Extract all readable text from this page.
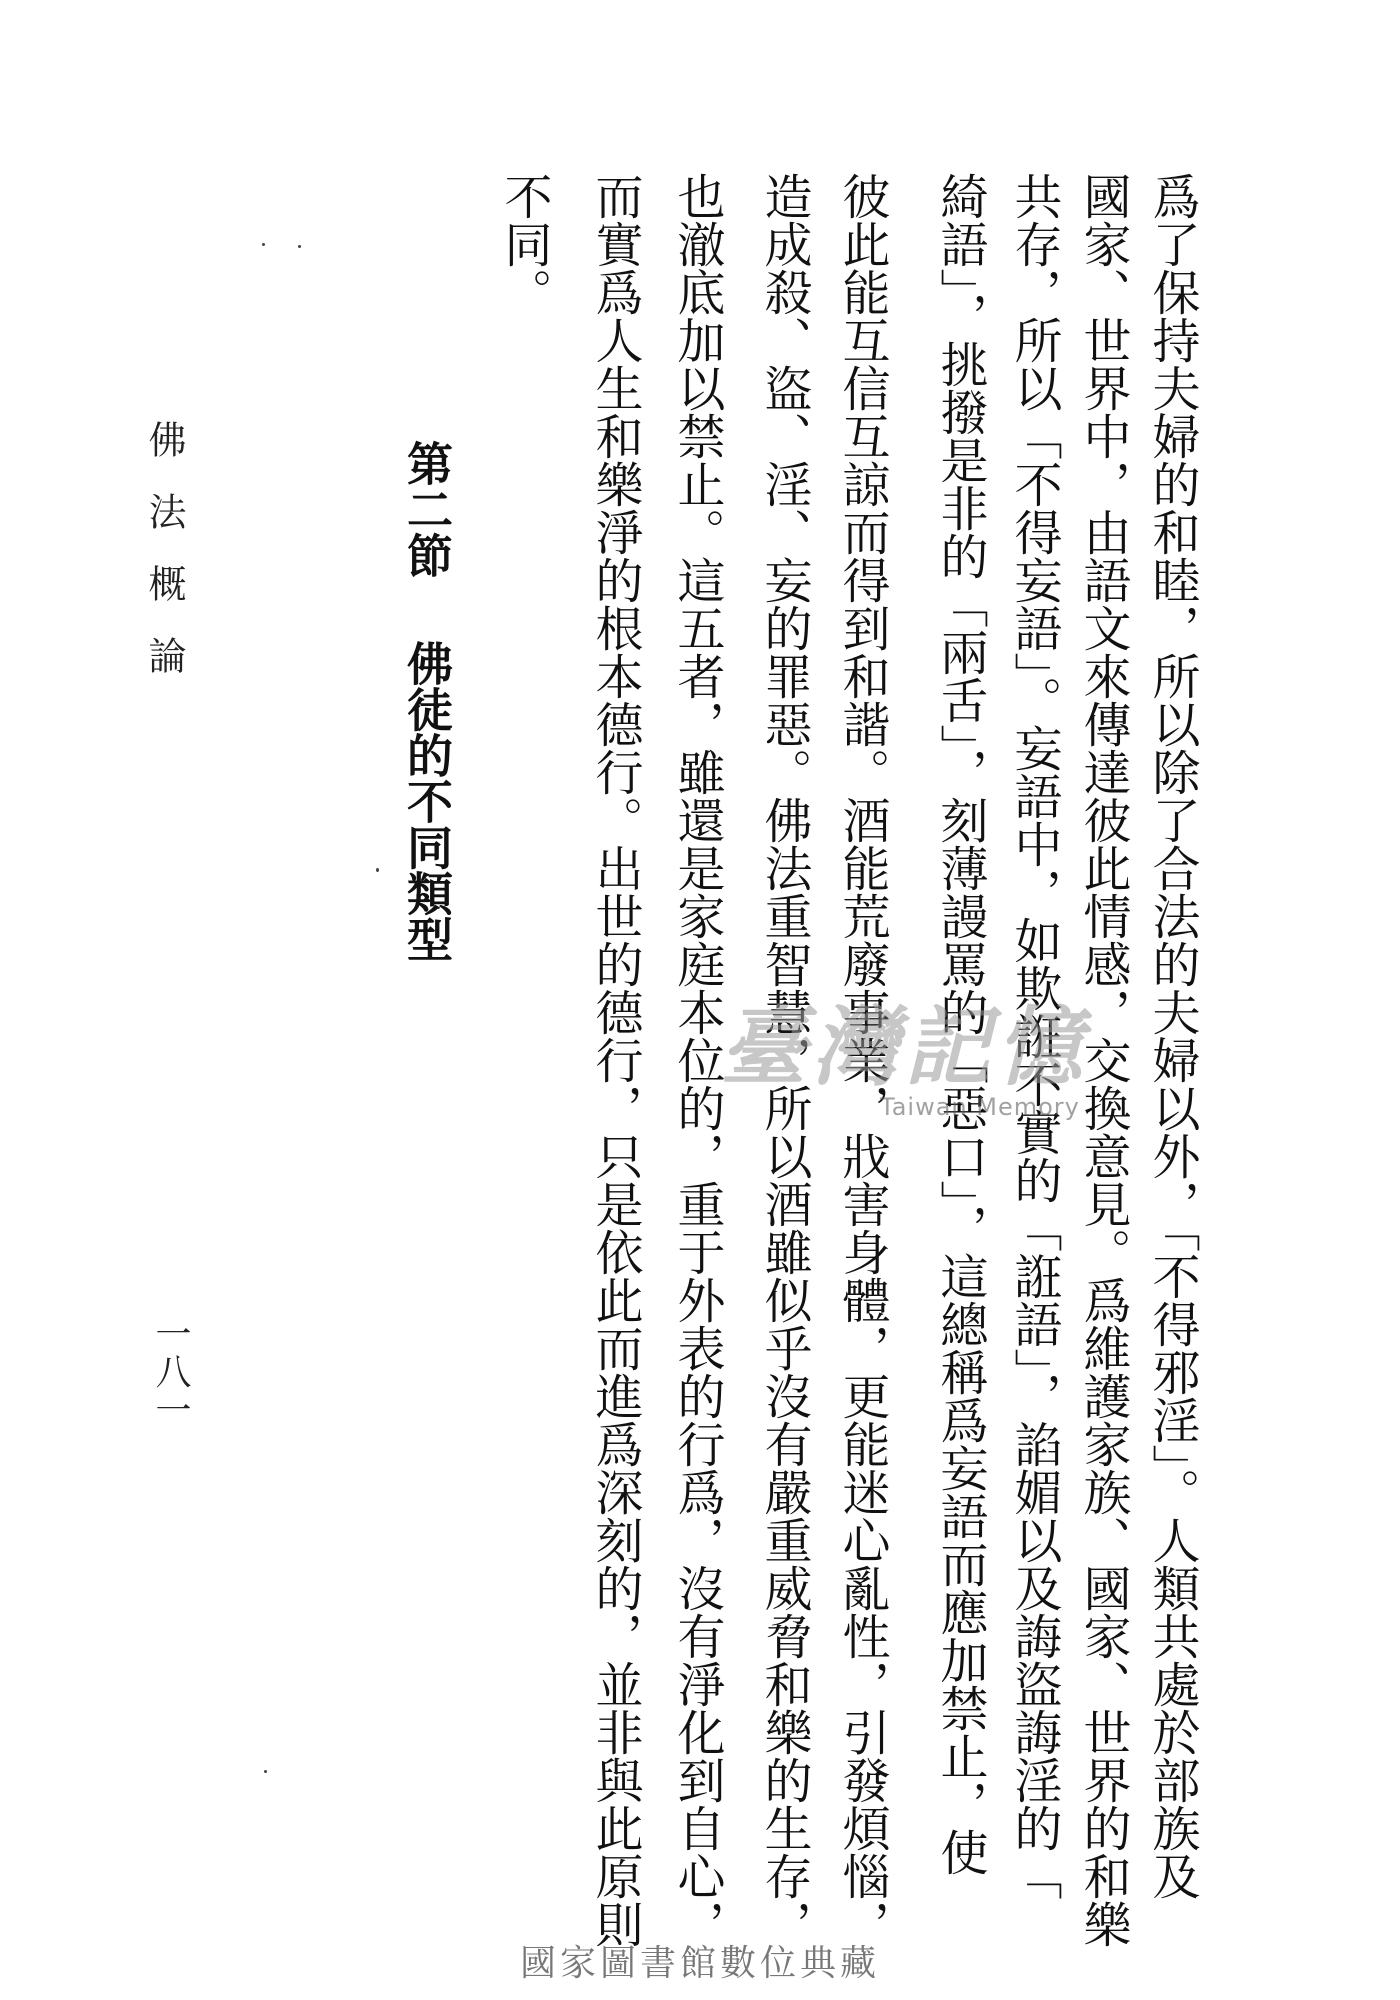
爲了保持夫婦的和睦，所以除了合法的夫婦以外，「不得邪淫」。人類共處於部族及
國家、世界中，由語文來傳達彼此情感，交換意見。爲維護家族、國家、世界的和樂
共存，所以「不得妄語」。妄語中，如欺誑不實的「誑語」，諂媚以及誨盜誨淫的「
綺語」，挑撥是非的「兩舌」，刻薄謾罵的「惡口」，這總稱爲妄語而應加禁止，使
彼此能互信互諒而得到和諧。酒能荒廢事業，戕害身體，更能迷心亂性，引發煩惱，
造成殺、盜、淫、妄的罪惡。佛法重智慧，所以酒雖似乎沒有嚴重威脅和樂的生存，
也澈底加以禁止。這五者，雖還是家庭本位的，重于外表的行爲，沒有淨化到自心，
而實爲人生和樂淨的根本德行。出世的德行，只是依此而進爲深刻的，並非與此原則
不同。
第二節佛徒的不同類型
佛法概論
一八一
臺灣記憶
Taiwan Memory
國家圖書館數位典藏
